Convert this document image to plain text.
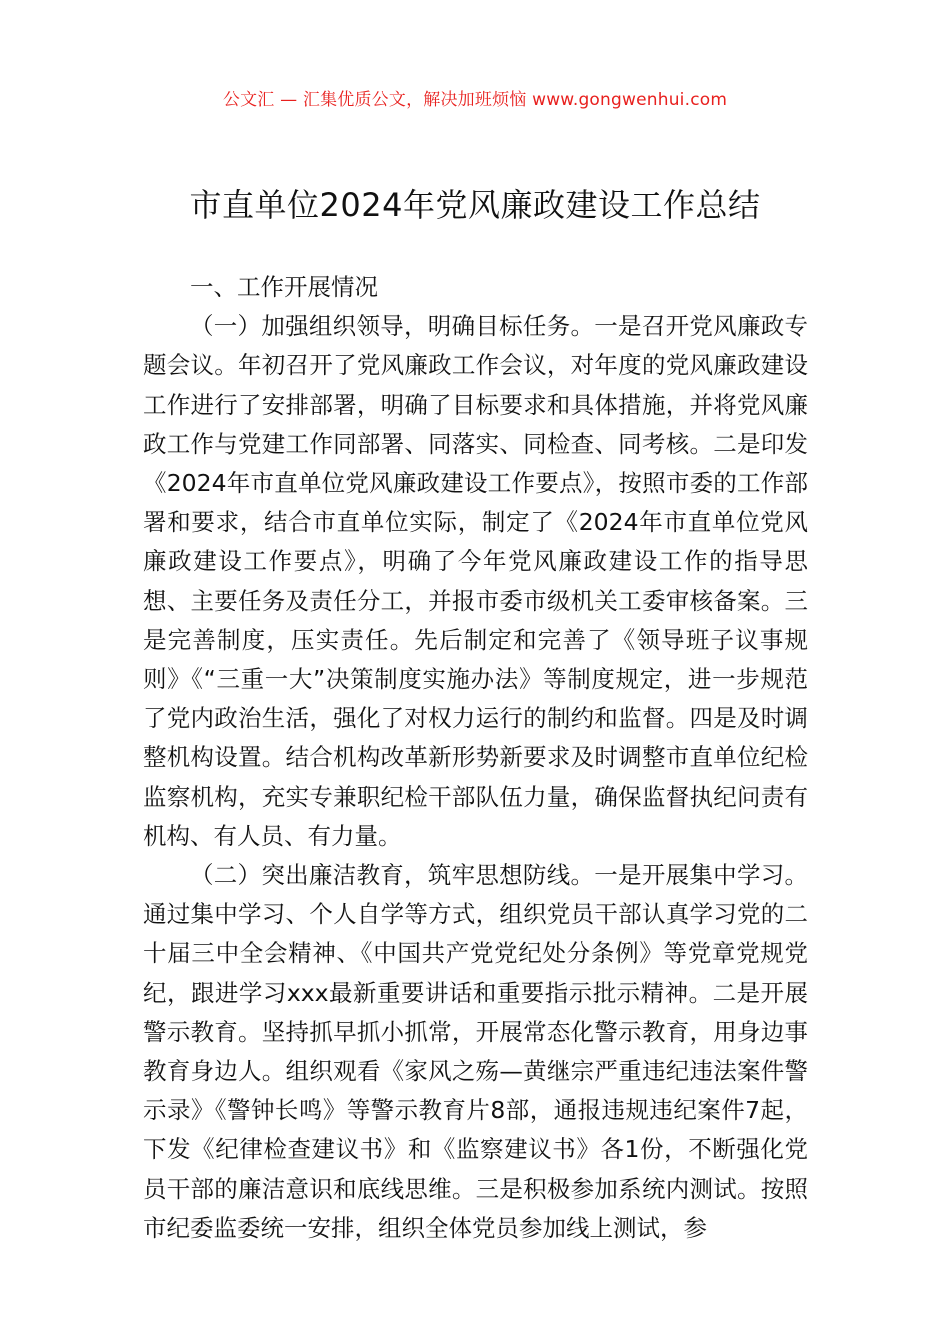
公文汇 — 汇集优质公文，解决加班烦恼 www.gongwenhui.com
市直单位2024年党风廉政建设工作总结

一、工作开展情况

（一）加强组织领导，明确目标任务。一是召开党风廉政专题会议。年初召开了党风廉政工作会议，对年度的党风廉政建设工作进行了安排部署，明确了目标要求和具体措施，并将党风廉政工作与党建工作同部署、同落实、同检查、同考核。二是印发《2024年市直单位党风廉政建设工作要点》，按照市委的工作部署和要求，结合市直单位实际，制定了《2024年市直单位党风廉政建设工作要点》，明确了今年党风廉政建设工作的指导思想、主要任务及责任分工，并报市委市级机关工委审核备案。三是完善制度，压实责任。先后制定和完善了《领导班子议事规则》《“三重一大”决策制度实施办法》等制度规定，进一步规范了党内政治生活，强化了对权力运行的制约和监督。四是及时调整机构设置。结合机构改革新形势新要求及时调整市直单位纪检监察机构，充实专兼职纪检干部队伍力量，确保监督执纪问责有机构、有人员、有力量。

（二）突出廉洁教育，筑牢思想防线。一是开展集中学习。通过集中学习、个人自学等方式，组织党员干部认真学习党的二十届三中全会精神、《中国共产党党纪处分条例》等党章党规党纪，跟进学习xxx最新重要讲话和重要指示批示精神。二是开展警示教育。坚持抓早抓小抓常，开展常态化警示教育，用身边事教育身边人。组织观看《家风之殇—黄继宗严重违纪违法案件警示录》《警钟长鸣》等警示教育片8部，通报违规违纪案件7起，下发《纪律检查建议书》和《监察建议书》各1份，不断强化党员干部的廉洁意识和底线思维。三是积极参加系统内测试。按照市纪委监委统一安排，组织全体党员参加线上测试，参
